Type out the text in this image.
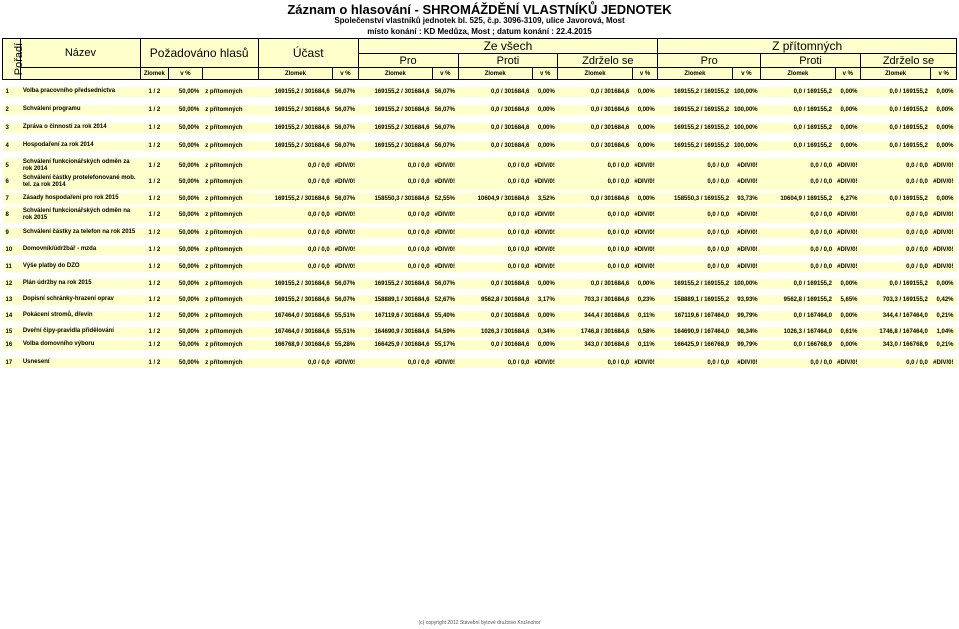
Záznam o hlasování - SHROMÁŽDĚNÍ VLASTNÍKŮ JEDNOTEK
Společenství vlastníků jednotek bl. 525, č.p. 3096-3109, ulice Javorová, Most
místo konání : KD Medůza, Most ; datum konání : 22.4.2015
Pořadí	Název	Požadováno hlasů			Účast		Ze všech						Z přítomných					
							Pro		Proti		Zdrželo se		Pro		Proti		Zdrželo se	
		Zlomek	v %		Zlomek	v %	Zlomek	v %	Zlomek	v %	Zlomek	v %	Zlomek	v %	Zlomek	v %	Zlomek	v %

1	Volba pracovního předsednictva	1 / 2	50,00%	z přítomných	169155,2 / 301684,6	56,07%	169155,2 / 301684,6	56,07%	0,0 / 301684,6	0,00%	0,0 / 301684,6	0,00%	169155,2 / 169155,2	100,00%	0,0 / 169155,2	0,00%	0,0 / 169155,2	0,00%

2	Schválení programu	1 / 2	50,00%	z přítomných	169155,2 / 301684,6	56,07%	169155,2 / 301684,6	56,07%	0,0 / 301684,6	0,00%	0,0 / 301684,6	0,00%	169155,2 / 169155,2	100,00%	0,0 / 169155,2	0,00%	0,0 / 169155,2	0,00%

3	Zpráva o činnosti za rok 2014	1 / 2	50,00%	z přítomných	169155,2 / 301684,6	56,07%	169155,2 / 301684,6	56,07%	0,0 / 301684,6	0,00%	0,0 / 301684,6	0,00%	169155,2 / 169155,2	100,00%	0,0 / 169155,2	0,00%	0,0 / 169155,2	0,00%

4	Hospodaření za rok 2014	1 / 2	50,00%	z přítomných	169155,2 / 301684,6	56,07%	169155,2 / 301684,6	56,07%	0,0 / 301684,6	0,00%	0,0 / 301684,6	0,00%	169155,2 / 169155,2	100,00%	0,0 / 169155,2	0,00%	0,0 / 169155,2	0,00%

5	Schválení funkcionářských odměn za rok 2014	1 / 2	50,00%	z přítomných	0,0 / 0,0	#DIV/0!	0,0 / 0,0	#DIV/0!	0,0 / 0,0	#DIV/0!	0,0 / 0,0	#DIV/0!	0,0 / 0,0	#DIV/0!	0,0 / 0,0	#DIV/0!	0,0 / 0,0	#DIV/0!
6	Schválení částky protelefonované mob. tel. za rok 2014	1 / 2	50,00%	z přítomných	0,0 / 0,0	#DIV/0!	0,0 / 0,0	#DIV/0!	0,0 / 0,0	#DIV/0!	0,0 / 0,0	#DIV/0!	0,0 / 0,0	#DIV/0!	0,0 / 0,0	#DIV/0!	0,0 / 0,0	#DIV/0!

7	Zásady hospodaření pro rok 2015	1 / 2	50,00%	z přítomných	169155,2 / 301684,6	56,07%	158550,3 / 301684,6	52,55%	10604,9 / 301684,6	3,52%	0,0 / 301684,6	0,00%	158550,3 / 169155,2	93,73%	10604,9 / 169155,2	6,27%	0,0 / 169155,2	0,00%

8	Schválení funkcionářských odměn na rok 2015	1 / 2	50,00%	z přítomných	0,0 / 0,0	#DIV/0!	0,0 / 0,0	#DIV/0!	0,0 / 0,0	#DIV/0!	0,0 / 0,0	#DIV/0!	0,0 / 0,0	#DIV/0!	0,0 / 0,0	#DIV/0!	0,0 / 0,0	#DIV/0!

9	Schválení částky za telefon na rok 2015	1 / 2	50,00%	z přítomných	0,0 / 0,0	#DIV/0!	0,0 / 0,0	#DIV/0!	0,0 / 0,0	#DIV/0!	0,0 / 0,0	#DIV/0!	0,0 / 0,0	#DIV/0!	0,0 / 0,0	#DIV/0!	0,0 / 0,0	#DIV/0!

10	Domovník/údržbář - mzda	1 / 2	50,00%	z přítomných	0,0 / 0,0	#DIV/0!	0,0 / 0,0	#DIV/0!	0,0 / 0,0	#DIV/0!	0,0 / 0,0	#DIV/0!	0,0 / 0,0	#DIV/0!	0,0 / 0,0	#DIV/0!	0,0 / 0,0	#DIV/0!

11	Výše platby do DZO	1 / 2	50,00%	z přítomných	0,0 / 0,0	#DIV/0!	0,0 / 0,0	#DIV/0!	0,0 / 0,0	#DIV/0!	0,0 / 0,0	#DIV/0!	0,0 / 0,0	#DIV/0!	0,0 / 0,0	#DIV/0!	0,0 / 0,0	#DIV/0!

12	Plán údržby na rok 2015	1 / 2	50,00%	z přítomných	169155,2 / 301684,6	56,07%	169155,2 / 301684,6	56,07%	0,0 / 301684,6	0,00%	0,0 / 301684,6	0,00%	169155,2 / 169155,2	100,00%	0,0 / 169155,2	0,00%	0,0 / 169155,2	0,00%

13	Dopisní schránky-hrazení oprav	1 / 2	50,00%	z přítomných	169155,2 / 301684,6	56,07%	158889,1 / 301684,6	52,67%	9562,8 / 301684,6	3,17%	703,3 / 301684,6	0,23%	158889,1 / 169155,2	93,93%	9562,8 / 169155,2	5,65%	703,3 / 169155,2	0,42%

14	Pokácení stromů, dřevin	1 / 2	50,00%	z přítomných	167464,0 / 301684,6	55,51%	167119,6 / 301684,6	55,40%	0,0 / 301684,6	0,00%	344,4 / 301684,6	0,11%	167119,6 / 167464,0	99,79%	0,0 / 167464,0	0,00%	344,4 / 167464,0	0,21%

15	Dveřní čipy-pravidla přidělování	1 / 2	50,00%	z přítomných	167464,0 / 301684,6	55,51%	164690,9 / 301684,6	54,59%	1026,3 / 301684,6	0,34%	1746,8 / 301684,6	0,58%	164690,9 / 167464,0	98,34%	1026,3 / 167464,0	0,61%	1746,8 / 167464,0	1,04%

16	Volba domovního výboru	1 / 2	50,00%	z přítomných	166768,9 / 301684,6	55,28%	166425,9 / 301684,6	55,17%	0,0 / 301684,6	0,00%	343,0 / 301684,6	0,11%	166425,9 / 166768,9	99,79%	0,0 / 166768,9	0,00%	343,0 / 166768,9	0,21%

17	Usnesení	1 / 2	50,00%	z přítomných	0,0 / 0,0	#DIV/0!	0,0 / 0,0	#DIV/0!	0,0 / 0,0	#DIV/0!	0,0 / 0,0	#DIV/0!	0,0 / 0,0	#DIV/0!	0,0 / 0,0	#DIV/0!	0,0 / 0,0	#DIV/0!
(c) copyright 2012 Stavební bytové družstvo Krušnohor
